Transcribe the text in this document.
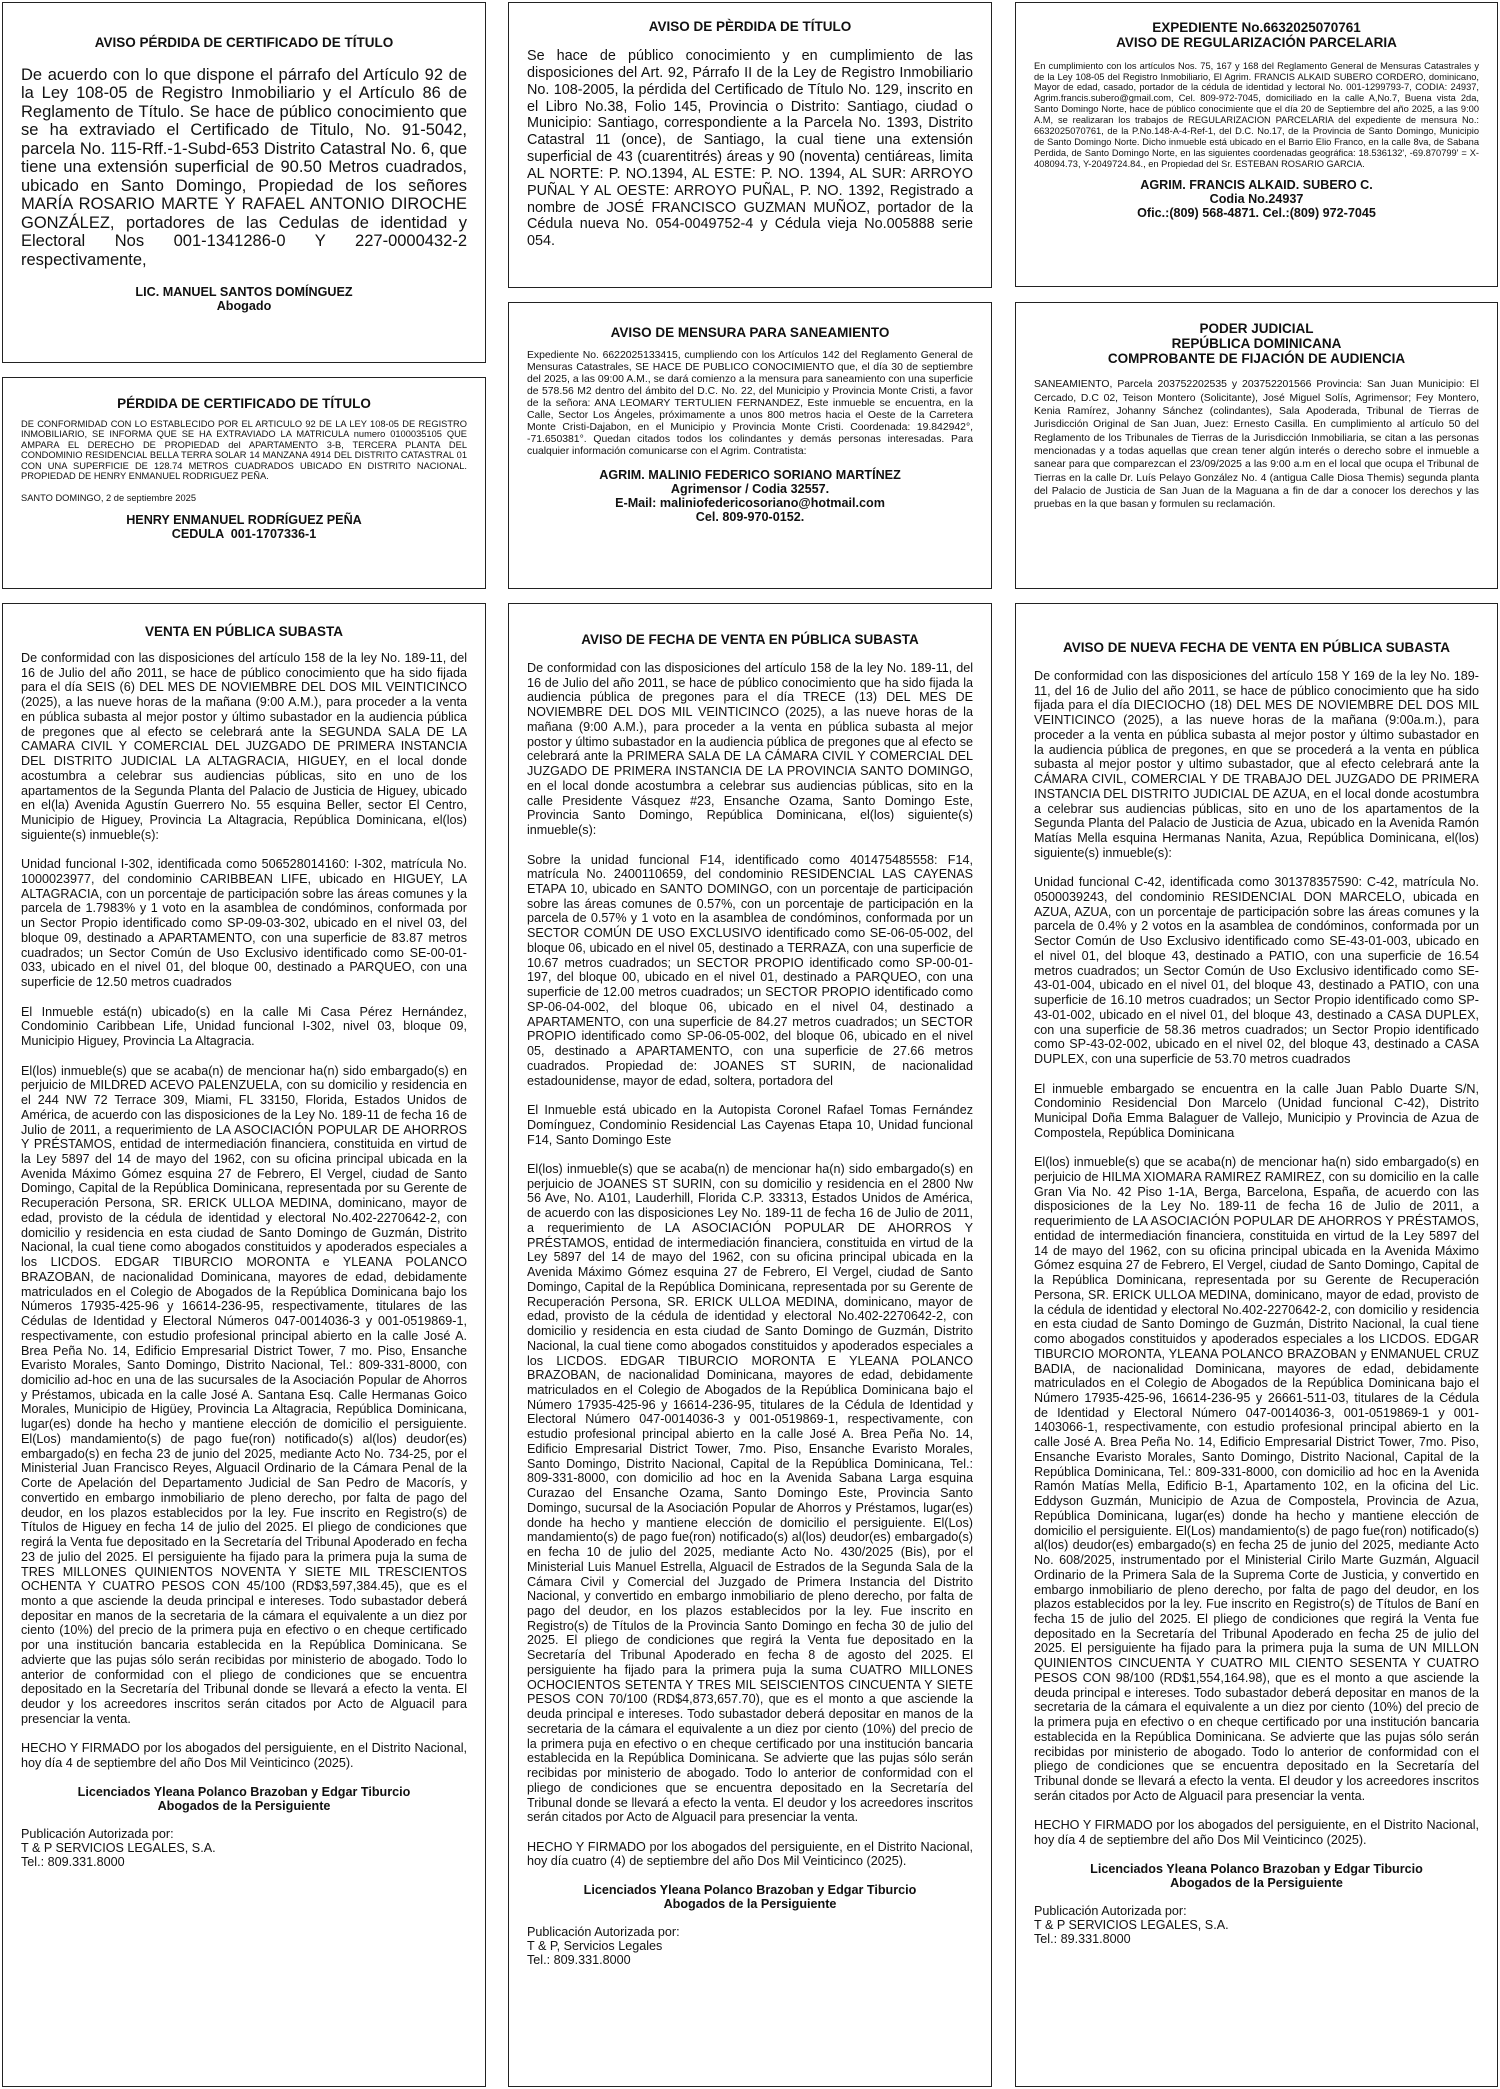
AVISO PÉRDIDA DE CERTIFICADO DE TÍTULO
De acuerdo con lo que dispone el párrafo del Artículo 92 de la Ley 108-05 de Registro Inmobiliario y el Artículo 86 de Reglamento de Título. Se hace de público conocimiento que se ha extraviado el Certificado de Titulo, No. 91-5042, parcela No. 115-Rff.-1-Subd-653 Distrito Catastral No. 6, que tiene una extensión superficial de 90.50 Metros cuadrados, ubicado en Santo Domingo, Propiedad de los señores MARÍA ROSARIO MARTE Y RAFAEL ANTONIO DIROCHE GONZÁLEZ, portadores de las Cedulas de identidad y Electoral Nos 001-1341286-0 Y 227-0000432-2 respectivamente,
LIC. MANUEL SANTOS DOMÍNGUEZ
Abogado
AVISO DE PÈRDIDA DE TÍTULO
Se hace de público conocimiento y en cumplimiento de las disposiciones del Art. 92, Párrafo II de la Ley de Registro Inmobiliario No. 108-2005, la pérdida del Certificado de Título No. 129, inscrito en el Libro No.38, Folio 145, Provincia o Distrito: Santiago, ciudad o Municipio: Santiago, correspondiente a la Parcela No. 1393, Distrito Catastral 11 (once), de Santiago, la cual tiene una extensión superficial de 43 (cuarentitrés) áreas y 90 (noventa) centiáreas, limita AL NORTE: P. NO.1394, AL ESTE: P. NO. 1394, AL SUR: ARROYO PUÑAL Y AL OESTE: ARROYO PUÑAL, P. NO. 1392, Registrado a nombre de JOSÉ FRANCISCO GUZMAN MUÑOZ, portador de la Cédula nueva No. 054-0049752-4 y Cédula vieja No.005888 serie 054.
EXPEDIENTE No.6632025070761
AVISO DE REGULARIZACIÓN PARCELARIA
En cumplimiento con los artículos Nos. 75, 167 y 168 del Reglamento General de Mensuras Catastrales y de la Ley 108-05 del Registro Inmobiliario, El Agrim. FRANCIS ALKAID SUBERO CORDERO, dominicano, Mayor de edad, casado, portador de la cédula de identidad y lectoral No. 001-1299793-7, CODIA: 24937, Agrim.francis.subero@gmail.com, Cel. 809-972-7045, domiciliado en la calle A,No.7, Buena vista 2da, Santo Domingo Norte, hace de público conocimiente que el día 20 de Septiembre del año 2025, a las 9:00 A.M, se realizaran los trabajos de REGULARIZACION PARCELARIA del expediente de mensura No.: 6632025070761, de la P.No.148-A-4-Ref-1, del D.C. No.17, de la Provincia de Santo Domingo, Municipio de Santo Domingo Norte. Dicho inmueble está ubicado en el Barrio Elio Franco, en la calle 8va, de Sabana Perdida, de Santo Domingo Norte, en las siguientes coordenadas geográfica: 18.536132', -69.870799' = X-408094.73, Y-2049724.84., en Propiedad del Sr. ESTEBAN ROSARIO GARCIA.
AGRIM. FRANCIS ALKAID. SUBERO C.
Codia No.24937
Ofic.:(809) 568-4871. Cel.:(809) 972-7045
PÉRDIDA DE CERTIFICADO DE TÍTULO
DE CONFORMIDAD CON LO ESTABLECIDO POR EL ARTICULO 92 DE LA LEY 108-05 DE REGISTRO INMOBILIARIO, SE INFORMA QUE SE HA EXTRAVIADO LA MATRICULA numero 0100035105 QUE AMPARA EL DERECHO DE PROPIEDAD del APARTAMENTO 3-B, TERCERA PLANTA DEL CONDOMINIO RESIDENCIAL BELLA TERRA SOLAR 14 MANZANA 4914 DEL DISTRITO CATASTRAL 01 CON UNA SUPERFICIE DE 128.74 METROS CUADRADOS UBICADO EN DISTRITO NACIONAL. PROPIEDAD DE HENRY ENMANUEL RODRIGUEZ PEÑA.
SANTO DOMINGO, 2 de septiembre 2025
HENRY ENMANUEL RODRÍGUEZ PEÑA
CEDULA  001-1707336-1
AVISO DE MENSURA PARA SANEAMIENTO
Expediente No. 6622025133415, cumpliendo con los Artículos 142 del Reglamento General de Mensuras Catastrales, SE HACE DE PUBLICO CONOCIMIENTO que, el día 30 de septiembre del 2025, a las 09:00 A.M., se dará comienzo a la mensura para saneamiento con una superficie de 578.56 M2 dentro del ámbito del D.C. No. 22, del Municipio y Provincia Monte Cristi, a favor de la señora: ANA LEOMARY TERTULIEN FERNANDEZ, Este inmueble se encuentra, en la Calle, Sector Los Ángeles, próximamente a unos 800 metros hacia el Oeste de la Carretera Monte Cristi-Dajabon, en el Municipio y Provincia Monte Cristi. Coordenada: 19.842942°, -71.650381°. Quedan citados todos los colindantes y demás personas interesadas. Para cualquier información comunicarse con el Agrim. Contratista:
AGRIM. MALINIO FEDERICO SORIANO MARTÍNEZ
Agrimensor / Codia 32557.
E-Mail: maliniofedericosoriano@hotmail.com
Cel. 809-970-0152.
PODER JUDICIAL
REPÚBLICA DOMINICANA
COMPROBANTE DE FIJACIÓN DE AUDIENCIA
SANEAMIENTO, Parcela 203752202535 y 203752201566 Provincia: San Juan Municipio: El Cercado, D.C 02, Teison Montero (Solicitante), José Miguel Solís, Agrimensor; Fey Montero, Kenia Ramírez, Johanny Sánchez (colindantes), Sala Apoderada, Tribunal de Tierras de Jurisdicción Original de San Juan, Juez: Ernesto Casilla. En cumplimiento al artículo 50 del Reglamento de los Tribunales de Tierras de la Jurisdicción Inmobiliaria, se citan a las personas mencionadas y a todas aquellas que crean tener algún interés o derecho sobre el inmueble a sanear para que comparezcan el 23/09/2025 a las 9:00 a.m en el local que ocupa el Tribunal de Tierras en la calle Dr. Luís Pelayo González No. 4 (antigua Calle Diosa Themis) segunda planta del Palacio de Justicia de San Juan de la Maguana a fin de dar a conocer los derechos y las pruebas en la que basan y formulen su reclamación.
VENTA EN PÚBLICA SUBASTA
De conformidad con las disposiciones del artículo 158 de la ley No. 189-11, del 16 de Julio del año 2011, se hace de público conocimiento que ha sido fijada para el día SEIS (6) DEL MES DE NOVIEMBRE DEL DOS MIL VEINTICINCO (2025), a las nueve horas de la mañana (9:00 A.M.), para proceder a la venta en pública subasta al mejor postor y último subastador en la audiencia pública de pregones que al efecto se celebrará ante la SEGUNDA SALA DE LA CAMARA CIVIL Y COMERCIAL DEL JUZGADO DE PRIMERA INSTANCIA DEL DISTRITO JUDICIAL LA ALTAGRACIA, HIGUEY, en el local donde acostumbra a celebrar sus audiencias públicas, sito en uno de los apartamentos de la Segunda Planta del Palacio de Justicia de Higuey, ubicado en el(la) Avenida Agustín Guerrero No. 55 esquina Beller, sector El Centro, Municipio de Higuey, Provincia La Altagracia, República Dominicana, el(los) siguiente(s) inmueble(s):

Unidad funcional I-302, identificada como 506528014160: I-302, matrícula No. 1000023977, del condominio CARIBBEAN LIFE, ubicado en HIGUEY, LA ALTAGRACIA, con un porcentaje de participación sobre las áreas comunes y la parcela de 1.7983% y 1 voto en la asamblea de condóminos, conformada por un Sector Propio identificado como SP-09-03-302, ubicado en el nivel 03, del bloque 09, destinado a APARTAMENTO, con una superficie de 83.87 metros cuadrados; un Sector Común de Uso Exclusivo identificado como SE-00-01-033, ubicado en el nivel 01, del bloque 00, destinado a PARQUEO, con una superficie de 12.50 metros cuadrados

El Inmueble está(n) ubicado(s) en la calle Mi Casa Pérez Hernández, Condominio Caribbean Life, Unidad funcional I-302, nivel 03, bloque 09, Municipio Higuey, Provincia La Altagracia.

El(los) inmueble(s) que se acaba(n) de mencionar ha(n) sido embargado(s) en perjuicio de MILDRED ACEVO PALENZUELA, con su domicilio y residencia en el 244 NW 72 Terrace 309, Miami, FL 33150, Florida, Estados Unidos de América, de acuerdo con las disposiciones de la Ley No. 189-11 de fecha 16 de Julio de 2011, a requerimiento de LA ASOCIACIÓN POPULAR DE AHORROS Y PRÉSTAMOS, entidad de intermediación financiera, constituida en virtud de la Ley 5897 del 14 de mayo del 1962, con su oficina principal ubicada en la Avenida Máximo Gómez esquina 27 de Febrero, El Vergel, ciudad de Santo Domingo, Capital de la República Dominicana, representada por su Gerente de Recuperación Persona, SR. ERICK ULLOA MEDINA, dominicano, mayor de edad, provisto de la cédula de identidad y electoral No.402-2270642-2, con domicilio y residencia en esta ciudad de Santo Domingo de Guzmán, Distrito Nacional, la cual tiene como abogados constituidos y apoderados especiales a los LICDOS. EDGAR TIBURCIO MORONTA e YLEANA POLANCO BRAZOBAN, de nacionalidad Dominicana, mayores de edad, debidamente matriculados en el Colegio de Abogados de la República Dominicana bajo los Números 17935-425-96 y 16614-236-95, respectivamente, titulares de las Cédulas de Identidad y Electoral Números 047-0014036-3 y 001-0519869-1, respectivamente, con estudio profesional principal abierto en la calle José A. Brea Peña No. 14, Edificio Empresarial District Tower, 7 mo. Piso, Ensanche Evaristo Morales, Santo Domingo, Distrito Nacional, Tel.: 809-331-8000, con domicilio ad-hoc en una de las sucursales de la Asociación Popular de Ahorros y Préstamos, ubicada en la calle José A. Santana Esq. Calle Hermanas Goico Morales, Municipio de Higüey, Provincia La Altagracia, República Dominicana, lugar(es) donde ha hecho y mantiene elección de domicilio el persiguiente. El(Los) mandamiento(s) de pago fue(ron) notificado(s) al(los) deudor(es) embargado(s) en fecha 23 de junio del 2025, mediante Acto No. 734-25, por el Ministerial Juan Francisco Reyes, Alguacil Ordinario de la Cámara Penal de la Corte de Apelación del Departamento Judicial de San Pedro de Macorís, y convertido en embargo inmobiliario de pleno derecho, por falta de pago del deudor, en los plazos establecidos por la ley. Fue inscrito en Registro(s) de Títulos de Higuey en fecha 14 de julio del 2025. El pliego de condiciones que regirá la Venta fue depositado en la Secretaría del Tribunal Apoderado en fecha 23 de julio del 2025. El persiguiente ha fijado para la primera puja la suma de TRES MILLONES QUINIENTOS NOVENTA Y SIETE MIL TRESCIENTOS OCHENTA Y CUATRO PESOS CON 45/100 (RD$3,597,384.45), que es el monto a que asciende la deuda principal e intereses. Todo subastador deberá depositar en manos de la secretaria de la cámara el equivalente a un diez por ciento (10%) del precio de la primera puja en efectivo o en cheque certificado por una institución bancaria establecida en la República Dominicana. Se advierte que las pujas sólo serán recibidas por ministerio de abogado. Todo lo anterior de conformidad con el pliego de condiciones que se encuentra depositado en la Secretaría del Tribunal donde se llevará a efecto la venta. El deudor y los acreedores inscritos serán citados por Acto de Alguacil para presenciar la venta.

HECHO Y FIRMADO por los abogados del persiguiente, en el Distrito Nacional, hoy día 4 de septiembre del año Dos Mil Veinticinco (2025).
Licenciados Yleana Polanco Brazoban y Edgar Tiburcio
Abogados de la Persiguiente
Publicación Autorizada por:
T & P SERVICIOS LEGALES, S.A.
Tel.: 809.331.8000
AVISO DE FECHA DE VENTA EN PÚBLICA SUBASTA
De conformidad con las disposiciones del artículo 158 de la ley No. 189-11, del 16 de Julio del año 2011, se hace de público conocimiento que ha sido fijada la audiencia pública de pregones para el día TRECE (13) DEL MES DE NOVIEMBRE DEL DOS MIL VEINTICINCO (2025), a las nueve horas de la mañana (9:00 A.M.), para proceder a la venta en pública subasta al mejor postor y último subastador en la audiencia pública de pregones que al efecto se celebrará ante la PRIMERA SALA DE LA CÁMARA CIVIL Y COMERCIAL DEL JUZGADO DE PRIMERA INSTANCIA DE LA PROVINCIA SANTO DOMINGO, en el local donde acostumbra a celebrar sus audiencias públicas, sito en la calle Presidente Vásquez #23, Ensanche Ozama, Santo Domingo Este, Provincia Santo Domingo, República Dominicana, el(los) siguiente(s) inmueble(s):

Sobre la unidad funcional F14, identificado como 401475485558: F14, matrícula No. 2400110659, del condominio RESIDENCIAL LAS CAYENAS ETAPA 10, ubicado en SANTO DOMINGO, con un porcentaje de participación sobre las áreas comunes de 0.57%, con un porcentaje de participación en la parcela de 0.57% y 1 voto en la asamblea de condóminos, conformada por un SECTOR COMÚN DE USO EXCLUSIVO identificado como SE-06-05-002, del bloque 06, ubicado en el nivel 05, destinado a TERRAZA, con una superficie de 10.67 metros cuadrados; un SECTOR PROPIO identificado como SP-00-01-197, del bloque 00, ubicado en el nivel 01, destinado a PARQUEO, con una superficie de 12.00 metros cuadrados; un SECTOR PROPIO identificado como SP-06-04-002, del bloque 06, ubicado en el nivel 04, destinado a APARTAMENTO, con una superficie de 84.27 metros cuadrados; un SECTOR PROPIO identificado como SP-06-05-002, del bloque 06, ubicado en el nivel 05, destinado a APARTAMENTO, con una superficie de 27.66 metros cuadrados. Propiedad de: JOANES ST SURIN, de nacionalidad estadounidense, mayor de edad, soltera, portadora del

El Inmueble está ubicado en la Autopista Coronel Rafael Tomas Fernández Domínguez, Condominio Residencial Las Cayenas Etapa 10, Unidad funcional F14, Santo Domingo Este

El(los) inmueble(s) que se acaba(n) de mencionar ha(n) sido embargado(s) en perjuicio de JOANES ST SURIN, con su domicilio y residencia en el 2800 Nw 56 Ave, No. A101, Lauderhill, Florida C.P. 33313, Estados Unidos de América, de acuerdo con las disposiciones Ley No. 189-11 de fecha 16 de Julio de 2011, a requerimiento de LA ASOCIACIÓN POPULAR DE AHORROS Y PRÉSTAMOS, entidad de intermediación financiera, constituida en virtud de la Ley 5897 del 14 de mayo del 1962, con su oficina principal ubicada en la Avenida Máximo Gómez esquina 27 de Febrero, El Vergel, ciudad de Santo Domingo, Capital de la República Dominicana, representada por su Gerente de Recuperación Persona, SR. ERICK ULLOA MEDINA, dominicano, mayor de edad, provisto de la cédula de identidad y electoral No.402-2270642-2, con domicilio y residencia en esta ciudad de Santo Domingo de Guzmán, Distrito Nacional, la cual tiene como abogados constituidos y apoderados especiales a los LICDOS. EDGAR TIBURCIO MORONTA E YLEANA POLANCO BRAZOBAN, de nacionalidad Dominicana, mayores de edad, debidamente matriculados en el Colegio de Abogados de la República Dominicana bajo el Número 17935-425-96 y 16614-236-95, titulares de la Cédula de Identidad y Electoral Número 047-0014036-3 y 001-0519869-1, respectivamente, con estudio profesional principal abierto en la calle José A. Brea Peña No. 14, Edificio Empresarial District Tower, 7mo. Piso, Ensanche Evaristo Morales, Santo Domingo, Distrito Nacional, Capital de la República Dominicana, Tel.: 809-331-8000, con domicilio ad hoc en la Avenida Sabana Larga esquina Curazao del Ensanche Ozama, Santo Domingo Este, Provincia Santo Domingo, sucursal de la Asociación Popular de Ahorros y Préstamos, lugar(es) donde ha hecho y mantiene elección de domicilio el persiguiente. El(Los) mandamiento(s) de pago fue(ron) notificado(s) al(los) deudor(es) embargado(s) en fecha 10 de julio del 2025, mediante Acto No. 430/2025 (Bis), por el Ministerial Luis Manuel Estrella, Alguacil de Estrados de la Segunda Sala de la Cámara Civil y Comercial del Juzgado de Primera Instancia del Distrito Nacional, y convertido en embargo inmobiliario de pleno derecho, por falta de pago del deudor, en los plazos establecidos por la ley. Fue inscrito en Registro(s) de Títulos de la Provincia Santo Domingo en fecha 30 de julio del 2025. El pliego de condiciones que regirá la Venta fue depositado en la Secretaría del Tribunal Apoderado en fecha 8 de agosto del 2025. El persiguiente ha fijado para la primera puja la suma CUATRO MILLONES OCHOCIENTOS SETENTA Y TRES MIL SEISCIENTOS CINCUENTA Y SIETE PESOS CON 70/100 (RD$4,873,657.70), que es el monto a que asciende la deuda principal e intereses. Todo subastador deberá depositar en manos de la secretaria de la cámara el equivalente a un diez por ciento (10%) del precio de la primera puja en efectivo o en cheque certificado por una institución bancaria establecida en la República Dominicana. Se advierte que las pujas sólo serán recibidas por ministerio de abogado. Todo lo anterior de conformidad con el pliego de condiciones que se encuentra depositado en la Secretaría del Tribunal donde se llevará a efecto la venta. El deudor y los acreedores inscritos serán citados por Acto de Alguacil para presenciar la venta.

HECHO Y FIRMADO por los abogados del persiguiente, en el Distrito Nacional, hoy día cuatro (4) de septiembre del año Dos Mil Veinticinco (2025).
Licenciados Yleana Polanco Brazoban y Edgar Tiburcio
Abogados de la Persiguiente
Publicación Autorizada por:
T & P, Servicios Legales
Tel.: 809.331.8000
AVISO DE NUEVA FECHA DE VENTA EN PÚBLICA SUBASTA
De conformidad con las disposiciones del artículo 158 Y 169 de la ley No. 189-11, del 16 de Julio del año 2011, se hace de público conocimiento que ha sido fijada para el día DIECIOCHO (18) DEL MES DE NOVIEMBRE DEL DOS MIL VEINTICINCO (2025), a las nueve horas de la mañana (9:00a.m.), para proceder a la venta en pública subasta al mejor postor y último subastador en la audiencia pública de pregones, en que se procederá a la venta en pública subasta al mejor postor y ultimo subastador, que al efecto celebrará ante la CÁMARA CIVIL, COMERCIAL Y DE TRABAJO DEL JUZGADO DE PRIMERA INSTANCIA DEL DISTRITO JUDICIAL DE AZUA, en el local donde acostumbra a celebrar sus audiencias públicas, sito en uno de los apartamentos de la Segunda Planta del Palacio de Justicia de Azua, ubicado en la Avenida Ramón Matías Mella esquina Hermanas Nanita, Azua, República Dominicana, el(los) siguiente(s) inmueble(s):

Unidad funcional C-42, identificada como 301378357590: C-42, matrícula No. 0500039243, del condominio RESIDENCIAL DON MARCELO, ubicada en AZUA, AZUA, con un porcentaje de participación sobre las áreas comunes y la parcela de 0.4% y 2 votos en la asamblea de condóminos, conformada por un Sector Común de Uso Exclusivo identificado como SE-43-01-003, ubicado en el nivel 01, del bloque 43, destinado a PATIO, con una superficie de 16.54 metros cuadrados; un Sector Común de Uso Exclusivo identificado como SE-43-01-004, ubicado en el nivel 01, del bloque 43, destinado a PATIO, con una superficie de 16.10 metros cuadrados; un Sector Propio identificado como SP-43-01-002, ubicado en el nivel 01, del bloque 43, destinado a CASA DUPLEX, con una superficie de 58.36 metros cuadrados; un Sector Propio identificado como SP-43-02-002, ubicado en el nivel 02, del bloque 43, destinado a CASA DUPLEX, con una superficie de 53.70 metros cuadrados

El inmueble embargado se encuentra en la calle Juan Pablo Duarte S/N, Condominio Residencial Don Marcelo (Unidad funcional C-42), Distrito Municipal Doña Emma Balaguer de Vallejo, Municipio y Provincia de Azua de Compostela, República Dominicana

El(los) inmueble(s) que se acaba(n) de mencionar ha(n) sido embargado(s) en perjuicio de HILMA XIOMARA RAMIREZ RAMIREZ, con su domicilio en la calle Gran Via No. 42 Piso 1-1A, Berga, Barcelona, España, de acuerdo con las disposiciones de la Ley No. 189-11 de fecha 16 de Julio de 2011, a requerimiento de LA ASOCIACIÓN POPULAR DE AHORROS Y PRÉSTAMOS, entidad de intermediación financiera, constituida en virtud de la Ley 5897 del 14 de mayo del 1962, con su oficina principal ubicada en la Avenida Máximo Gómez esquina 27 de Febrero, El Vergel, ciudad de Santo Domingo, Capital de la República Dominicana, representada por su Gerente de Recuperación Persona, SR. ERICK ULLOA MEDINA, dominicano, mayor de edad, provisto de la cédula de identidad y electoral No.402-2270642-2, con domicilio y residencia en esta ciudad de Santo Domingo de Guzmán, Distrito Nacional, la cual tiene como abogados constituidos y apoderados especiales a los LICDOS. EDGAR TIBURCIO MORONTA, YLEANA POLANCO BRAZOBAN y ENMANUEL CRUZ BADIA, de nacionalidad Dominicana, mayores de edad, debidamente matriculados en el Colegio de Abogados de la República Dominicana bajo el Número 17935-425-96, 16614-236-95 y 26661-511-03, titulares de la Cédula de Identidad y Electoral Número 047-0014036-3, 001-0519869-1 y 001-1403066-1, respectivamente, con estudio profesional principal abierto en la calle José A. Brea Peña No. 14, Edificio Empresarial District Tower, 7mo. Piso, Ensanche Evaristo Morales, Santo Domingo, Distrito Nacional, Capital de la República Dominicana, Tel.: 809-331-8000, con domicilio ad hoc en la Avenida Ramón Matías Mella, Edificio B-1, Apartamento 102, en la oficina del Lic. Eddyson Guzmán, Municipio de Azua de Compostela, Provincia de Azua, República Dominicana, lugar(es) donde ha hecho y mantiene elección de domicilio el persiguiente. El(Los) mandamiento(s) de pago fue(ron) notificado(s) al(los) deudor(es) embargado(s) en fecha 25 de junio del 2025, mediante Acto No. 608/2025, instrumentado por el Ministerial Cirilo Marte Guzmán, Alguacil Ordinario de la Primera Sala de la Suprema Corte de Justicia, y convertido en embargo inmobiliario de pleno derecho, por falta de pago del deudor, en los plazos establecidos por la ley. Fue inscrito en Registro(s) de Títulos de Baní en fecha 15 de julio del 2025. El pliego de condiciones que regirá la Venta fue depositado en la Secretaría del Tribunal Apoderado en fecha 25 de julio del 2025. El persiguiente ha fijado para la primera puja la suma de UN MILLON QUINIENTOS CINCUENTA Y CUATRO MIL CIENTO SESENTA Y CUATRO PESOS CON 98/100 (RD$1,554,164.98), que es el monto a que asciende la deuda principal e intereses. Todo subastador deberá depositar en manos de la secretaria de la cámara el equivalente a un diez por ciento (10%) del precio de la primera puja en efectivo o en cheque certificado por una institución bancaria establecida en la República Dominicana. Se advierte que las pujas sólo serán recibidas por ministerio de abogado. Todo lo anterior de conformidad con el pliego de condiciones que se encuentra depositado en la Secretaría del Tribunal donde se llevará a efecto la venta. El deudor y los acreedores inscritos serán citados por Acto de Alguacil para presenciar la venta.

HECHO Y FIRMADO por los abogados del persiguiente, en el Distrito Nacional, hoy día 4 de septiembre del año Dos Mil Veinticinco (2025).
Licenciados Yleana Polanco Brazoban y Edgar Tiburcio
Abogados de la Persiguiente
Publicación Autorizada por:
T & P SERVICIOS LEGALES, S.A.
Tel.: 89.331.8000
